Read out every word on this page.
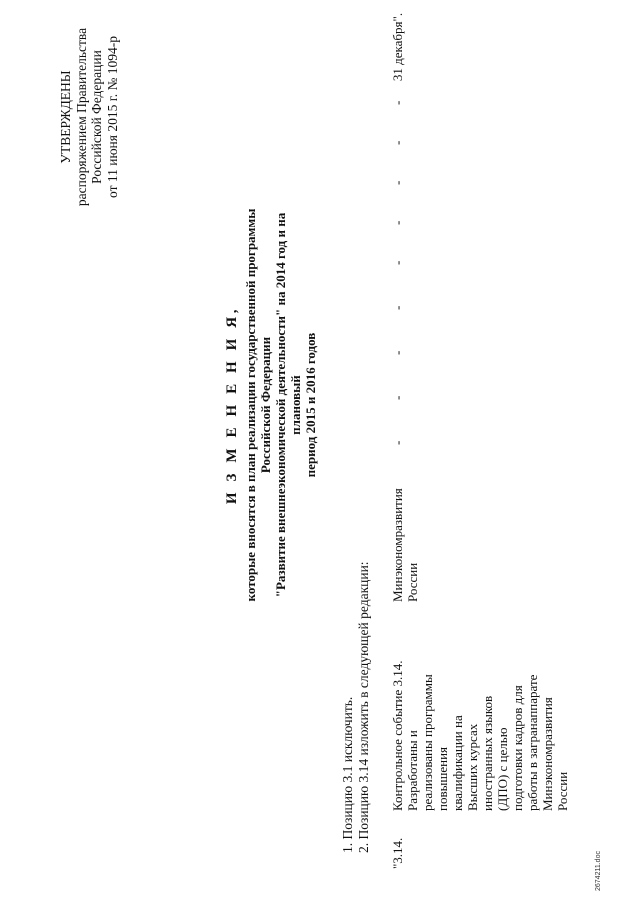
УТВЕРЖДЕНЫ распоряжением Правительства Российской Федерации от 11 июня 2015 г. № 1094-р
И З М Е Н Е Н И Я, которые вносятся в план реализации государственной программы Российской Федерации "Развитие внешнеэкономической деятельности" на 2014 год и на плановый период 2015 и 2016 годов
1. Позицию 3.1 исключить. 2. Позицию 3.14 изложить в следующей редакции:
"3.14.
Контрольное событие 3.14. Разработаны и реализованы программы повышения квалификации на Высших курсах иностранных языков (ДПО) с целью подготовки кадров для работы в загранаппарате Минэкономразвития России
Минэкономразвития России
-
-
-
-
-
-
-
-
-
31 декабря".
2674211.doc
